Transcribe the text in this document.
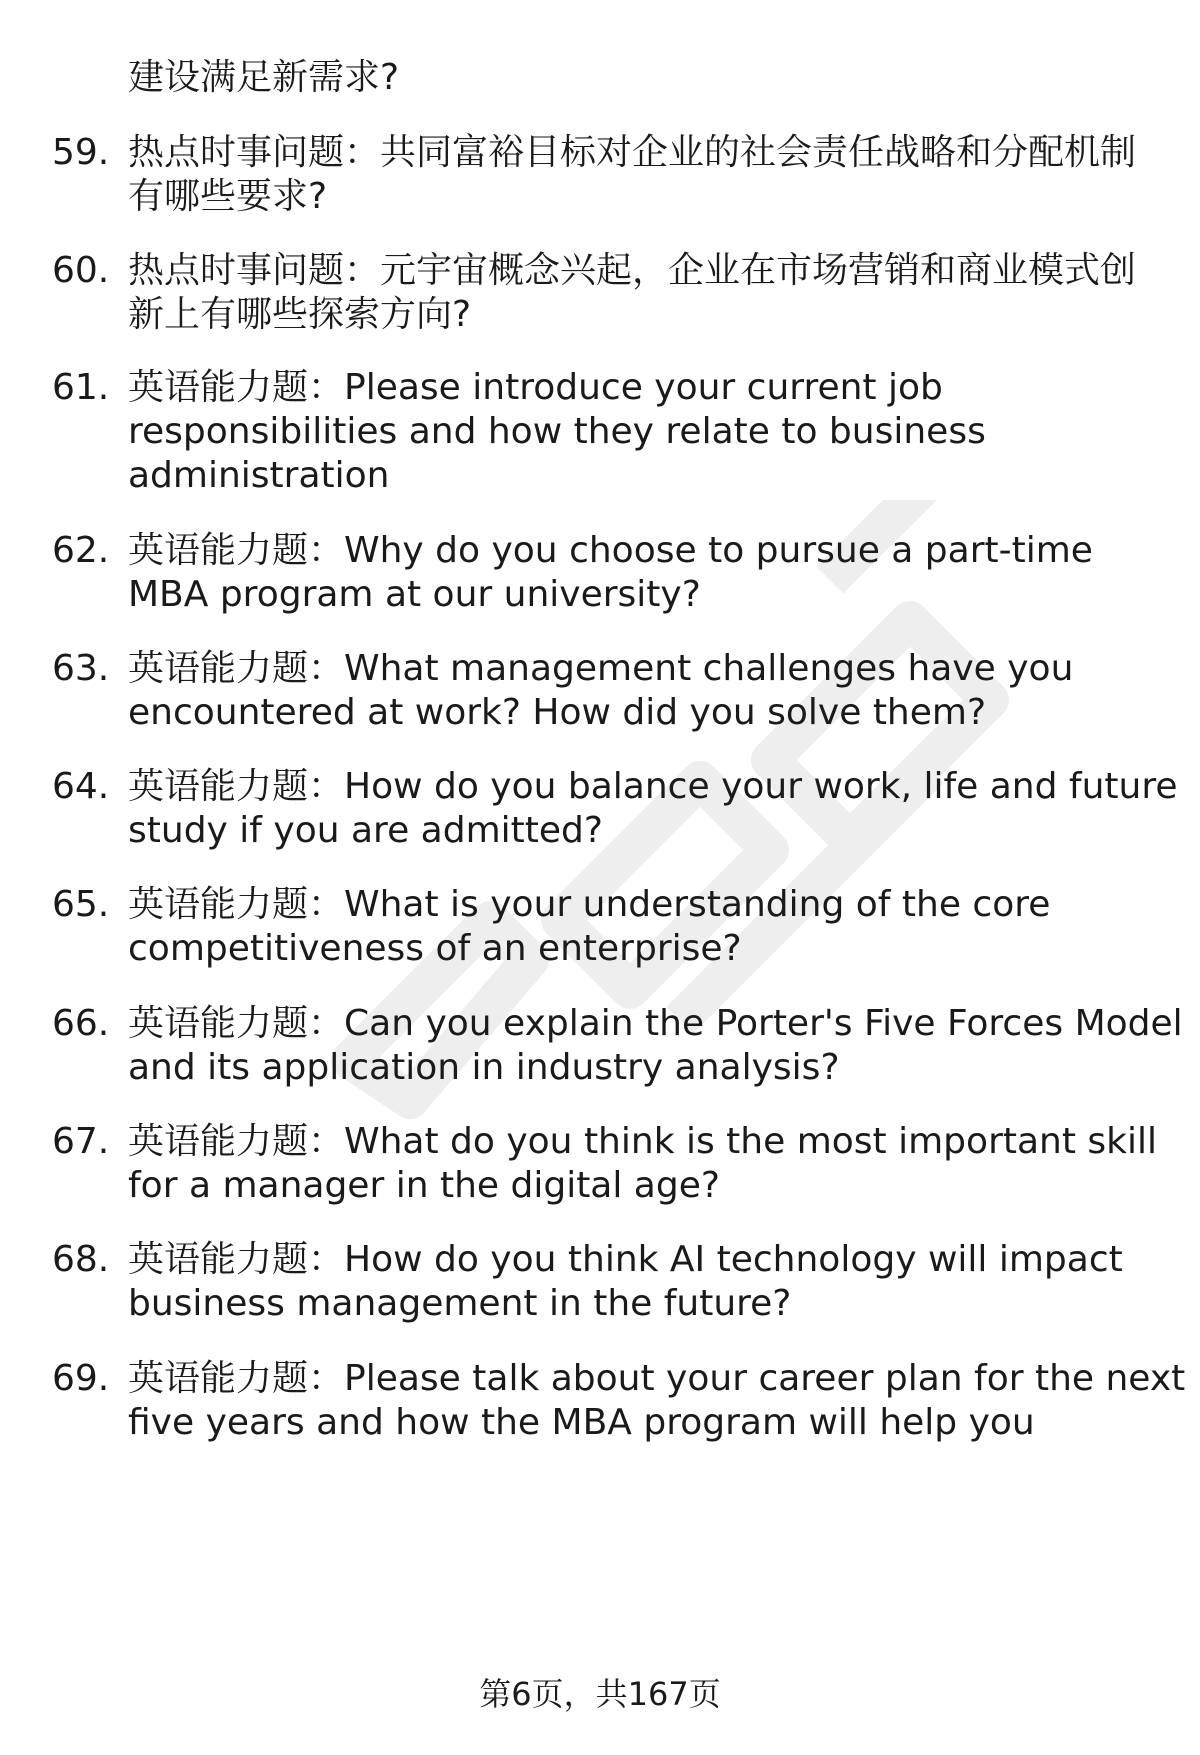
建设满足新需求?
59. 热点时事问题：共同富裕目标对企业的社会责任战略和分配机制
有哪些要求?
60. 热点时事问题：元宇宙概念兴起，企业在市场营销和商业模式创
新上有哪些探索方向?
61. 英语能力题：Please introduce your current job
responsibilities and how they relate to business
administration
62. 英语能力题：Why do you choose to pursue a part-time
MBA program at our university?
63. 英语能力题：What management challenges have you
encountered at work? How did you solve them?
64. 英语能力题：How do you balance your work, life and future
study if you are admitted?
65. 英语能力题：What is your understanding of the core
competitiveness of an enterprise?
66. 英语能力题：Can you explain the Porter's Five Forces Model
and its application in industry analysis?
67. 英语能力题：What do you think is the most important skill
for a manager in the digital age?
68. 英语能力题：How do you think AI technology will impact
business management in the future?
69. 英语能力题：Please talk about your career plan for the next
five years and how the MBA program will help you
第6页，共167页
